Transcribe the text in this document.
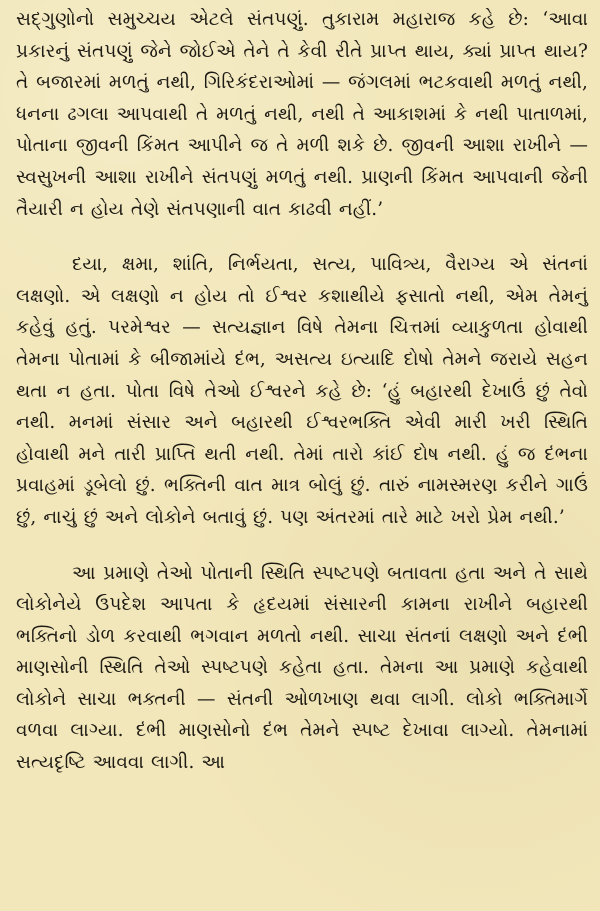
સદ્‌ગુણોનો સમુચ્ચય એટલે સંતપણું. તુકારામ મહારાજ કહે છે: ‘આવા પ્રકારનું સંતપણું જેને જોઈએ તેને તે કેવી રીતે પ્રાપ્ત થાય, ક્યાં પ્રાપ્ત થાય? તે બજારમાં મળતું નથી, ગિરિકંદરાઓમાં — જંગલમાં ભટકવાથી મળતું નથી, ધનના ઢગલા આપવાથી તે મળતું નથી, નથી તે આકાશમાં કે નથી પાતાળમાં, પોતાના જીવની કિંમત આપીને જ તે મળી શકે છે. જીવની આશા રાખીને — સ્વસુખની આશા રાખીને સંતપણું મળતું નથી. પ્રાણની કિંમત આપવાની જેની તૈયારી ન હોય તેણે સંતપણાની વાત કાઢવી નહીં.’

દયા, ક્ષમા, શાંતિ, નિર્ભયતા, સત્ય, પાવિત્ર્ય, વૈરાગ્ય એ સંતનાં લક્ષણો. એ લક્ષણો ન હોય તો ઈશ્વર કશાથીયે ફસાતો નથી, એમ તેમનું કહેવું હતું. પરમેશ્વર — સત્યજ્ઞાન વિષે તેમના ચિત્તમાં વ્યાકુળતા હોવાથી તેમના પોતામાં કે બીજામાંયે દંભ, અસત્ય ઇત્યાદિ દોષો તેમને જરાયે સહન થતા ન હતા. પોતા વિષે તેઓ ઈશ્વરને કહે છે: ‘હું બહારથી દેખાઉં છું તેવો નથી. મનમાં સંસાર અને બહારથી ઈશ્વરભક્તિ એવી મારી ખરી સ્થિતિ હોવાથી મને તારી પ્રાપ્તિ થતી નથી. તેમાં તારો કાંઈ દોષ નથી. હું જ દંભના પ્રવાહમાં ડૂબેલો છું. ભક્તિની વાત માત્ર બોલું છું. તારું નામસ્મરણ કરીને ગાઉં છું, નાચું છું અને લોકોને બતાવું છું. પણ અંતરમાં તારે માટે ખરો પ્રેમ નથી.’

આ પ્રમાણે તેઓ પોતાની સ્થિતિ સ્પષ્ટપણે બતાવતા હતા અને તે સાથે લોકોનેયે ઉપદેશ આપતા કે હૃદયમાં સંસારની કામના રાખીને બહારથી ભક્તિનો ડોળ કરવાથી ભગવાન મળતો નથી. સાચા સંતનાં લક્ષણો અને દંભી માણસોની સ્થિતિ તેઓ સ્પષ્ટપણે કહેતા હતા. તેમના આ પ્રમાણે કહેવાથી લોકોને સાચા ભક્તની — સંતની ઓળખાણ થવા લાગી. લોકો ભક્તિમાર્ગે વળવા લાગ્યા. દંભી માણસોનો દંભ તેમને સ્પષ્ટ દેખાવા લાગ્યો. તેમનામાં સત્યદૃષ્ટિ આવવા લાગી. આ
